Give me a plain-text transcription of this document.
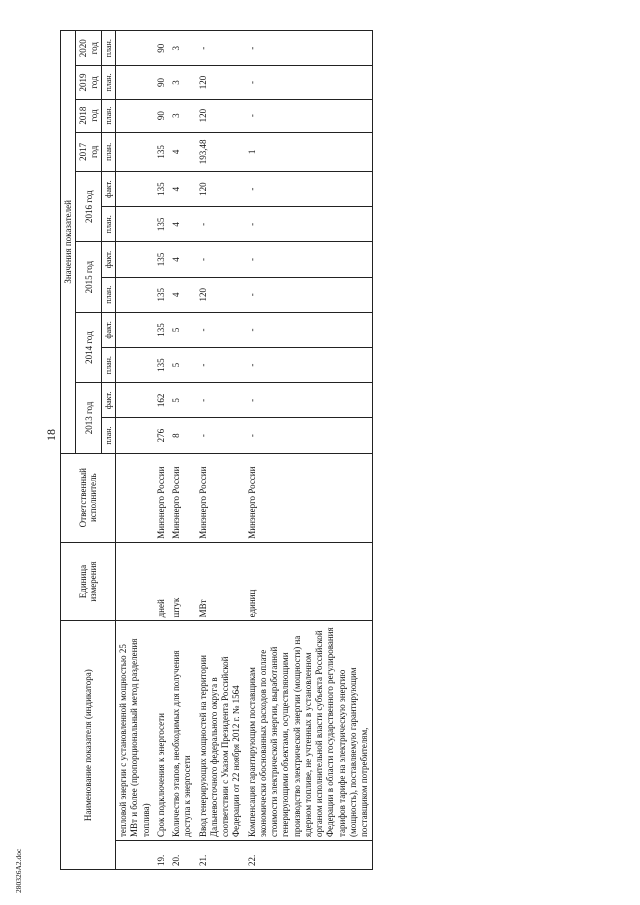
18
280326A2.doc
Наименование показателя (индикатора)		Единица измерения	Ответственный исполнитель	Значения показателей											
				2013 год		2014 год		2015 год		2016 год		2017 год	2018 год	2019 год	2020 год
				план.	факт.	план.	факт.	план.	факт.	план.	факт.	план.	план.	план.	план.
	тепловой энергии с установленной мощностью 25 МВт и более (пропорциональный метод разделения топлива)														
19.	Срок подключения к энергосети	дней	Минэнерго России	276	162	135	135	135	135	135	135	135	90	90	90
20.	Количество этапов, необходимых для получения доступа к энергосети	штук	Минэнерго России	8	5	5	5	4	4	4	4	4	3	3	3
21.	Ввод генерирующих мощностей на территории Дальневосточного федерального округа в соответствии с Указом Президента Российской Федерации от 22 ноября 2012 г. № 1564	МВт	Минэнерго России	-	-	-	-	120	-	-	120	193,48	120	120	-
22.	Компенсация гарантирующим поставщикам экономически обоснованных расходов по оплате стоимости электрической энергии, выработанной генерирующими объектами, осуществляющими производство электрической энергии (мощности) на ядерном топливе, не учтенных в установленном органом исполнительной власти субъекта Российской Федерации в области государственного регулирования тарифов тарифе на электрическую энергию (мощность), поставляемую гарантирующим поставщиком потребителям,	единиц	Минэнерго России	-	-	-	-	-	-	-	-	1	-	-	-
